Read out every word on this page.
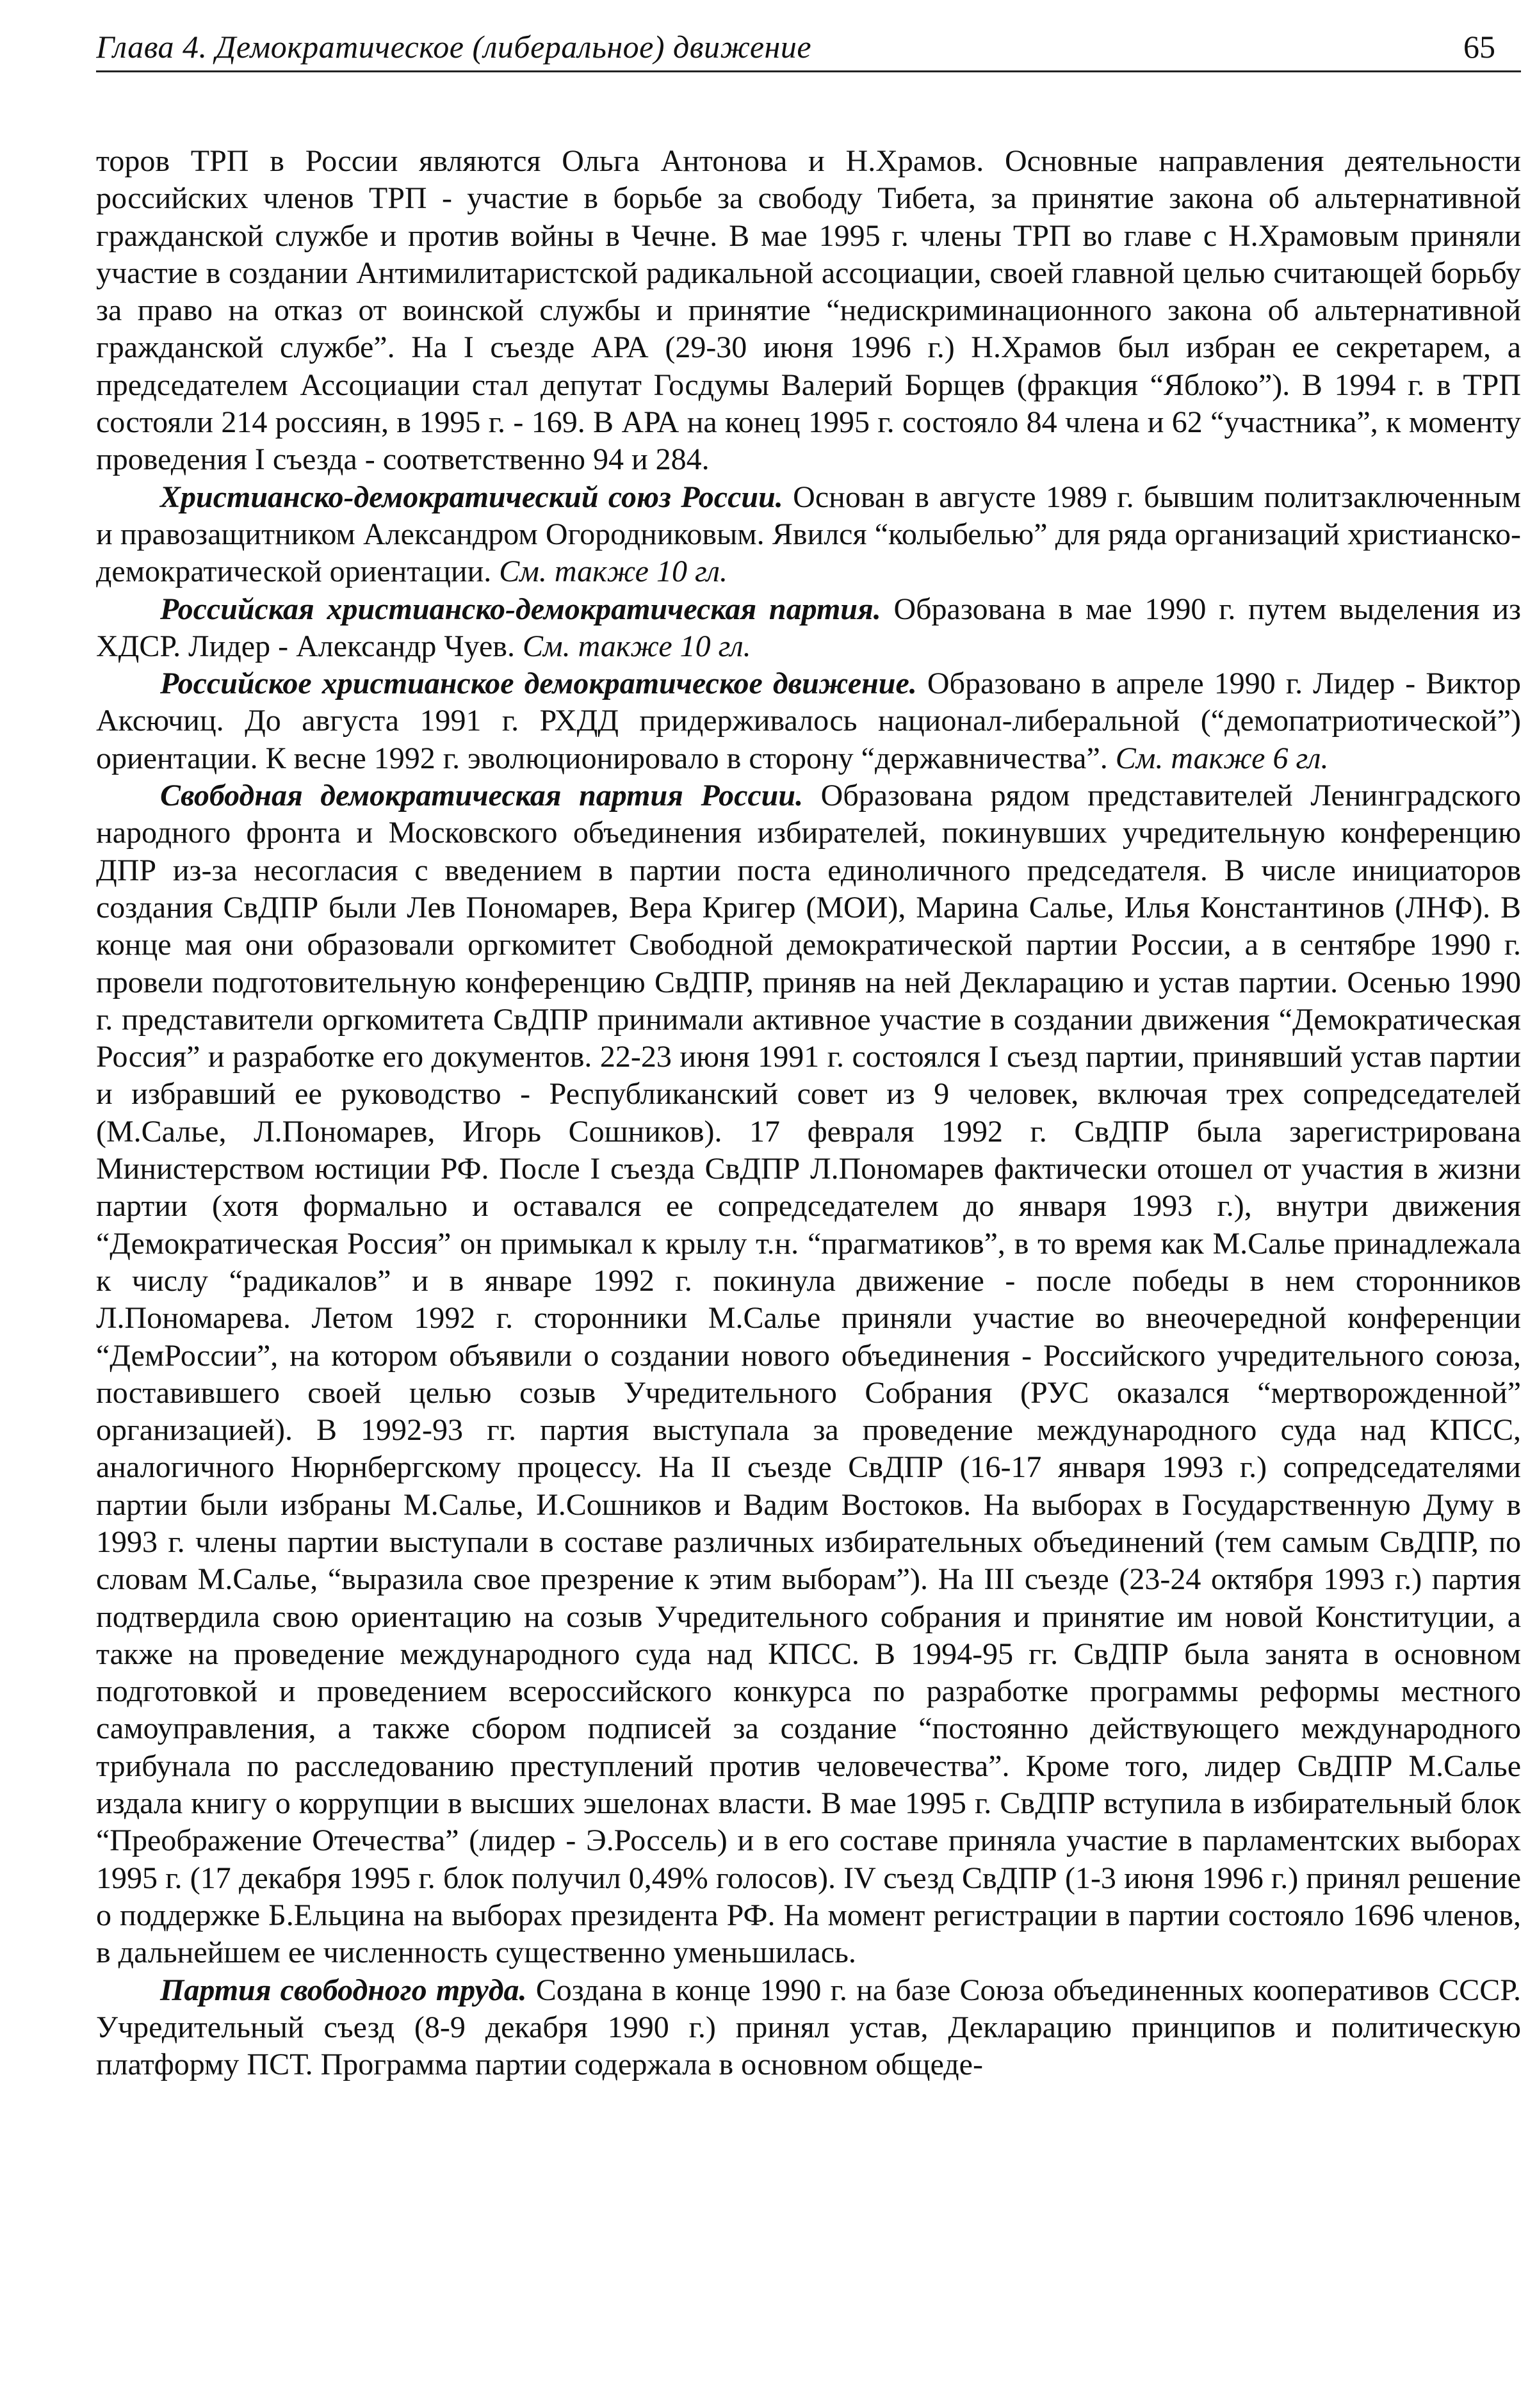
Глава 4. Демократическое (либеральное) движение	65

торов ТРП в России являются Ольга Антонова и Н.Храмов. Основные направления деятельности российских членов ТРП - участие в борьбе за свободу Тибета, за принятие закона об альтернативной гражданской службе и против войны в Чечне. В мае 1995 г. члены ТРП во главе с Н.Храмовым приняли участие в создании Антимилитаристской радикальной ассоциации, своей главной целью считающей борьбу за право на отказ от воинской службы и принятие “недискриминационного закона об альтернативной гражданской службе”. На I съезде АРА (29-30 июня 1996 г.) Н.Храмов был избран ее секретарем, а председателем Ассоциации стал депутат Госдумы Валерий Борщев (фракция “Яблоко”). В 1994 г. в ТРП состояли 214 россиян, в 1995 г. - 169. В АРА на конец 1995 г. состояло 84 члена и 62 “участника”, к моменту проведения I съезда - соответственно 94 и 284.

Христианско-демократический союз России. Основан в августе 1989 г. бывшим политзаключенным и правозащитником Александром Огородниковым. Явился “колыбелью” для ряда организаций христианско-демократической ориентации. См. также 10 гл.

Российская христианско-демократическая партия. Образована в мае 1990 г. путем выделения из ХДСР. Лидер - Александр Чуев. См. также 10 гл.

Российское христианское демократическое движение. Образовано в апреле 1990 г. Лидер - Виктор Аксючиц. До августа 1991 г. РХДД придерживалось национал-либеральной (“демопатриотической”) ориентации. К весне 1992 г. эволюционировало в сторону “державничества”. См. также 6 гл.

Свободная демократическая партия России. Образована рядом представителей Ленинградского народного фронта и Московского объединения избирателей, покинувших учредительную конференцию ДПР из-за несогласия с введением в партии поста единоличного председателя. В числе инициаторов создания СвДПР были Лев Пономарев, Вера Кригер (МОИ), Марина Салье, Илья Константинов (ЛНФ). В конце мая они образовали оргкомитет Свободной демократической партии России, а в сентябре 1990 г. провели подготовительную конференцию СвДПР, приняв на ней Декларацию и устав партии. Осенью 1990 г. представители оргкомитета СвДПР принимали активное участие в создании движения “Демократическая Россия” и разработке его документов. 22-23 июня 1991 г. состоялся I съезд партии, принявший устав партии и избравший ее руководство - Республиканский совет из 9 человек, включая трех сопредседателей (М.Салье, Л.Пономарев, Игорь Сошников). 17 февраля 1992 г. СвДПР была зарегистрирована Министерством юстиции РФ. После I съезда СвДПР Л.Пономарев фактически отошел от участия в жизни партии (хотя формально и оставался ее сопредседателем до января 1993 г.), внутри движения “Демократическая Россия” он примыкал к крылу т.н. “прагматиков”, в то время как М.Салье принадлежала к числу “радикалов” и в январе 1992 г. покинула движение - после победы в нем сторонников Л.Пономарева. Летом 1992 г. сторонники М.Салье приняли участие во внеочередной конференции “ДемРоссии”, на котором объявили о создании нового объединения - Российского учредительного союза, поставившего своей целью созыв Учредительного Собрания (РУС оказался “мертворожденной” организацией). В 1992-93 гг. партия выступала за проведение международного суда над КПСС, аналогичного Нюрнбергскому процессу. На II съезде СвДПР (16-17 января 1993 г.) сопредседателями партии были избраны М.Салье, И.Сошников и Вадим Востоков. На выборах в Государственную Думу в 1993 г. члены партии выступали в составе различных избирательных объединений (тем самым СвДПР, по словам М.Салье, “выразила свое презрение к этим выборам”). На III съезде (23-24 октября 1993 г.) партия подтвердила свою ориентацию на созыв Учредительного собрания и принятие им новой Конституции, а также на проведение международного суда над КПСС. В 1994-95 гг. СвДПР была занята в основном подготовкой и проведением всероссийского конкурса по разработке программы реформы местного самоуправления, а также сбором подписей за создание “постоянно действующего международного трибунала по расследованию преступлений против человечества”. Кроме того, лидер СвДПР М.Салье издала книгу о коррупции в высших эшелонах власти. В мае 1995 г. СвДПР вступила в избирательный блок “Преображение Отечества” (лидер - Э.Россель) и в его составе приняла участие в парламентских выборах 1995 г. (17 декабря 1995 г. блок получил 0,49% голосов). IV съезд СвДПР (1-3 июня 1996 г.) принял решение о поддержке Б.Ельцина на выборах президента РФ. На момент регистрации в партии состояло 1696 членов, в дальнейшем ее численность существенно уменьшилась.

Партия свободного труда. Создана в конце 1990 г. на базе Союза объединенных кооперативов СССР. Учредительный съезд (8-9 декабря 1990 г.) принял устав, Декларацию принципов и политическую платформу ПСТ. Программа партии содержала в основном общеде-
